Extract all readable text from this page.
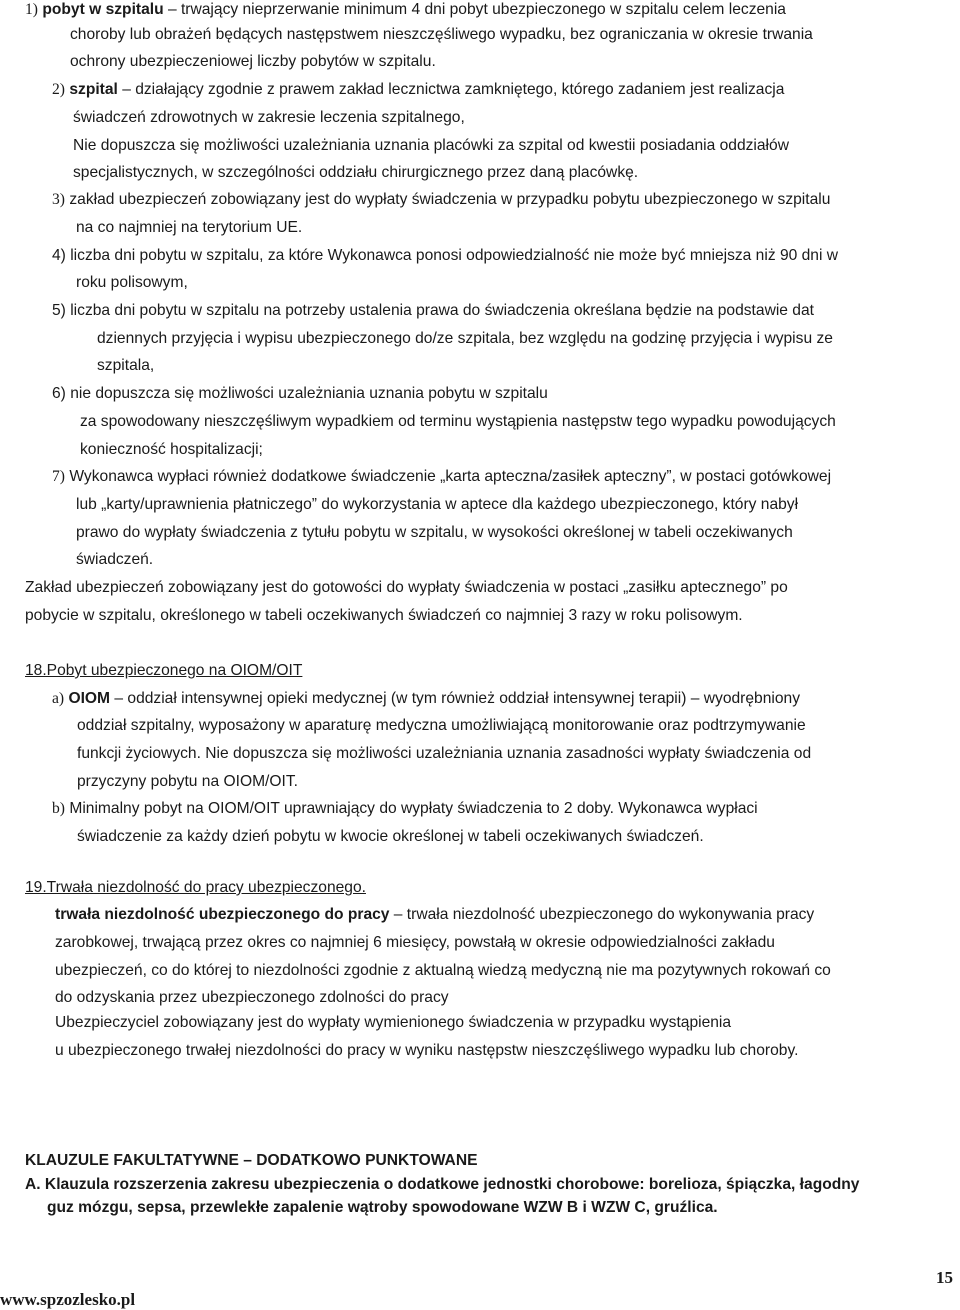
1) pobyt w szpitalu – trwający nieprzerwanie minimum 4 dni pobyt ubezpieczonego w szpitalu celem leczenia
choroby lub obrażeń będących następstwem nieszczęśliwego wypadku, bez ograniczania w okresie trwania
ochrony ubezpieczeniowej liczby pobytów w szpitalu.
2) szpital – działający zgodnie z prawem zakład lecznictwa zamkniętego, którego zadaniem jest realizacja
świadczeń zdrowotnych w zakresie leczenia szpitalnego,
Nie dopuszcza się możliwości uzależniania uznania placówki za szpital od kwestii posiadania oddziałów
specjalistycznych, w szczególności oddziału chirurgicznego przez daną placówkę.
3) zakład ubezpieczeń zobowiązany jest do wypłaty świadczenia w przypadku pobytu ubezpieczonego w szpitalu
na co najmniej na terytorium UE.
4) liczba dni pobytu w szpitalu, za które Wykonawca ponosi odpowiedzialność nie może być mniejsza niż 90 dni w
roku polisowym,
5) liczba dni pobytu w szpitalu na potrzeby ustalenia prawa do świadczenia określana będzie na podstawie dat
dziennych przyjęcia i wypisu ubezpieczonego do/ze szpitala, bez względu na godzinę przyjęcia i wypisu ze
szpitala,
6) nie dopuszcza się możliwości uzależniania uznania pobytu w szpitalu
za spowodowany nieszczęśliwym wypadkiem od terminu wystąpienia następstw tego wypadku powodujących
konieczność hospitalizacji;
7) Wykonawca wypłaci również dodatkowe świadczenie „karta apteczna/zasiłek apteczny”, w postaci gotówkowej
lub „karty/uprawnienia płatniczego” do wykorzystania w aptece dla każdego ubezpieczonego, który nabył
prawo do wypłaty świadczenia z tytułu pobytu w szpitalu, w wysokości określonej w tabeli oczekiwanych
świadczeń.
Zakład ubezpieczeń zobowiązany jest do gotowości do wypłaty świadczenia w postaci „zasiłku aptecznego” po
pobycie w szpitalu, określonego w tabeli oczekiwanych świadczeń co najmniej 3 razy w roku polisowym.
18.Pobyt ubezpieczonego na OIOM/OIT
a) OIOM – oddział intensywnej opieki medycznej (w tym również oddział intensywnej terapii) – wyodrębniony
oddział szpitalny, wyposażony w aparaturę medyczna umożliwiającą monitorowanie oraz podtrzymywanie
funkcji życiowych. Nie dopuszcza się możliwości uzależniania uznania zasadności wypłaty świadczenia od
przyczyny pobytu na OIOM/OIT.
b) Minimalny pobyt na OIOM/OIT uprawniający do wypłaty świadczenia to 2 doby. Wykonawca wypłaci
świadczenie za każdy dzień pobytu w kwocie określonej w tabeli oczekiwanych świadczeń.
19.Trwała niezdolność do pracy ubezpieczonego.
trwała niezdolność ubezpieczonego do pracy – trwała niezdolność ubezpieczonego do wykonywania pracy
zarobkowej, trwającą przez okres co najmniej 6 miesięcy, powstałą w okresie odpowiedzialności zakładu
ubezpieczeń, co do której to niezdolności zgodnie z aktualną wiedzą medyczną nie ma pozytywnych rokowań co
do odzyskania przez ubezpieczonego zdolności do pracy
Ubezpieczyciel zobowiązany jest do wypłaty wymienionego świadczenia w przypadku wystąpienia
u ubezpieczonego trwałej niezdolności do pracy w wyniku następstw nieszczęśliwego wypadku lub choroby.
KLAUZULE FAKULTATYWNE – DODATKOWO PUNKTOWANE
A. Klauzula rozszerzenia zakresu ubezpieczenia o dodatkowe jednostki chorobowe: borelioza, śpiączka, łagodny
guz mózgu, sepsa, przewlekłe zapalenie wątroby spowodowane WZW B i WZW C, gruźlica.
15
www.spzozlesko.pl
